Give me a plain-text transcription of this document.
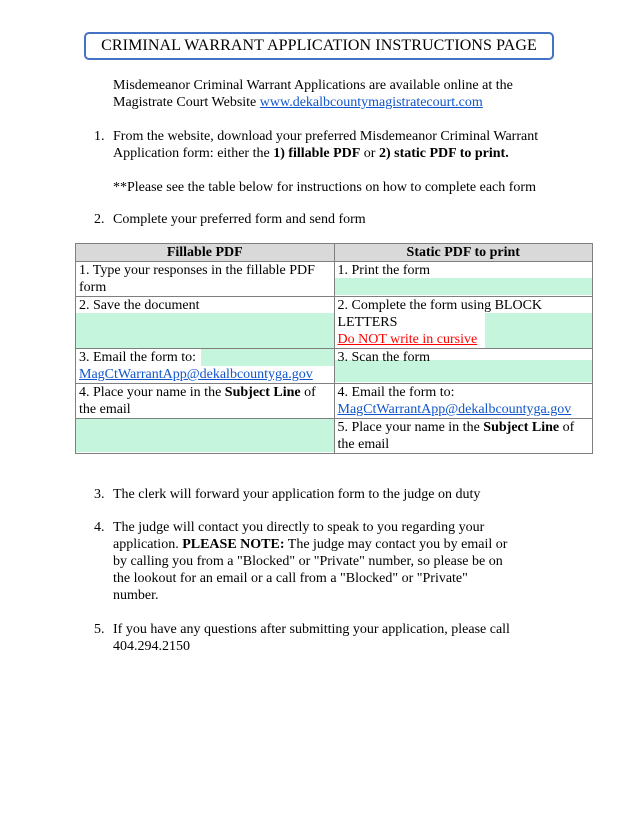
CRIMINAL WARRANT APPLICATION INSTRUCTIONS PAGE
Misdemeanor Criminal Warrant Applications are available online at the
Magistrate Court Website www.dekalbcountymagistratecourt.com
1. From the website, download your preferred Misdemeanor Criminal Warrant
Application form: either the 1) fillable PDF or 2) static PDF to print.
**Please see the table below for instructions on how to complete each form
2. Complete your preferred form and send form
Fillable PDF	Static PDF to print
1. Type your responses in the fillable PDF form	1. Print the form

2. Save the document	2. Complete the form using BLOCK LETTERS
Do NOT write in cursive

3. Email the form to:
MagCtWarrantApp@dekalbcountyga.gov	3. Scan the form
4. Place your name in the Subject Line of the email	4. Email the form to:
MagCtWarrantApp@dekalbcountyga.gov

	5. Place your name in the Subject Line of the email
3. The clerk will forward your application form to the judge on duty
4. The judge will contact you directly to speak to you regarding your
application. PLEASE NOTE: The judge may contact you by email or
by calling you from a "Blocked" or "Private" number, so please be on
the lookout for an email or a call from a "Blocked" or "Private"
number.
5. If you have any questions after submitting your application, please call
404.294.2150
